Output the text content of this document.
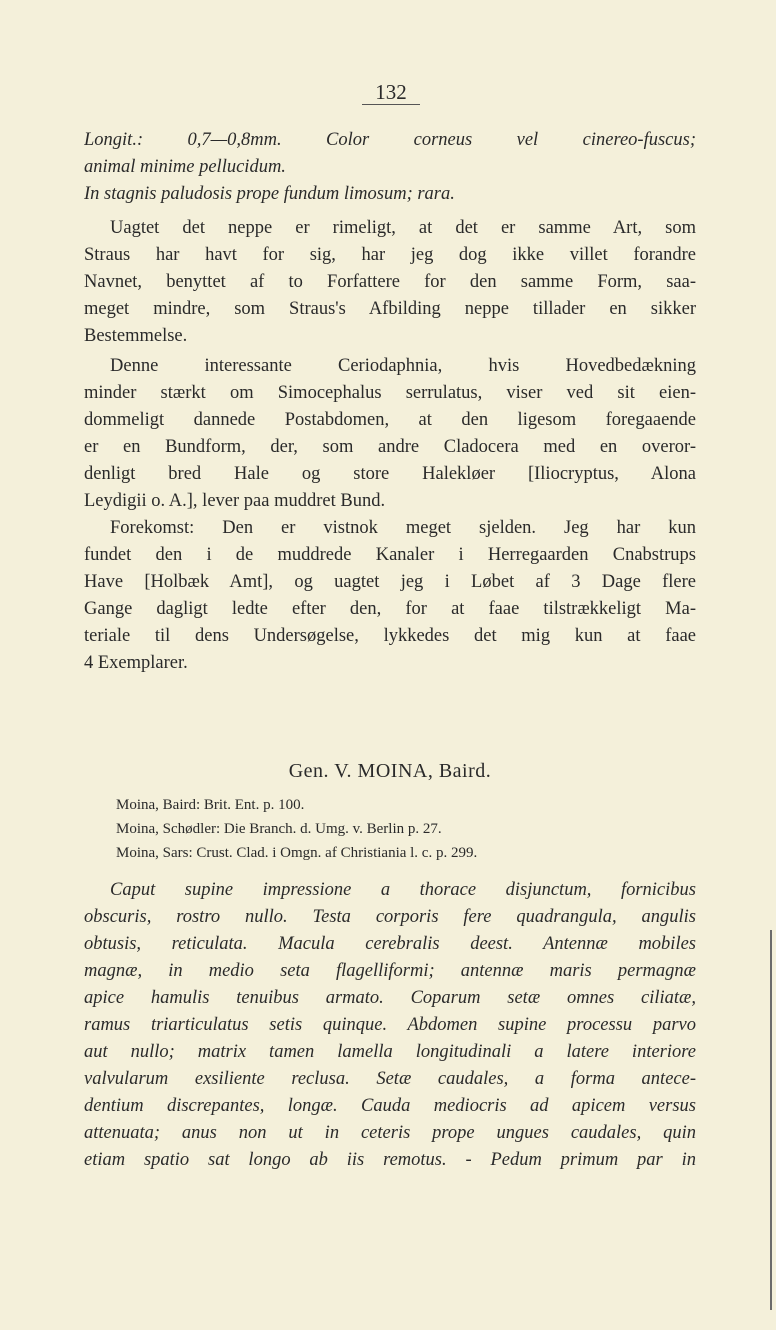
132
Longit.: 0,7—0,8mm. Color corneus vel cinereo-fuscus;
animal minime pellucidum.
In stagnis paludosis prope fundum limosum; rara.
Uagtet det neppe er rimeligt, at det er samme Art, som
Straus har havt for sig, har jeg dog ikke villet forandre
Navnet, benyttet af to Forfattere for den samme Form, saa-
meget mindre, som Straus's Afbilding neppe tillader en sikker
Bestemmelse.
Denne interessante Ceriodaphnia, hvis Hovedbedækning
minder stærkt om Simocephalus serrulatus, viser ved sit eien-
dommeligt dannede Postabdomen, at den ligesom foregaaende
er en Bundform, der, som andre Cladocera med en overor-
denligt bred Hale og store Halekløer [Iliocryptus, Alona
Leydigii o. A.], lever paa muddret Bund.
Forekomst: Den er vistnok meget sjelden. Jeg har kun
fundet den i de muddrede Kanaler i Herregaarden Cnabstrups
Have [Holbæk Amt], og uagtet jeg i Løbet af 3 Dage flere
Gange dagligt ledte efter den, for at faae tilstrækkeligt Ma-
teriale til dens Undersøgelse, lykkedes det mig kun at faae
4 Exemplarer.
Gen. V. MOINA, Baird.
Moina, Baird: Brit. Ent. p. 100.
Moina, Schødler: Die Branch. d. Umg. v. Berlin p. 27.
Moina, Sars: Crust. Clad. i Omgn. af Christiania l. c. p. 299.
Caput supine impressione a thorace disjunctum, fornicibus
obscuris, rostro nullo. Testa corporis fere quadrangula, angulis
obtusis, reticulata. Macula cerebralis deest. Antennæ mobiles
magnæ, in medio seta flagelliformi; antennæ maris permagnæ
apice hamulis tenuibus armato. Coparum setæ omnes ciliatæ,
ramus triarticulatus setis quinque. Abdomen supine processu parvo
aut nullo; matrix tamen lamella longitudinali a latere interiore
valvularum exsiliente reclusa. Setæ caudales, a forma antece-
dentium discrepantes, longæ. Cauda mediocris ad apicem versus
attenuata; anus non ut in ceteris prope ungues caudales, quin
etiam spatio sat longo ab iis remotus. - Pedum primum par in
